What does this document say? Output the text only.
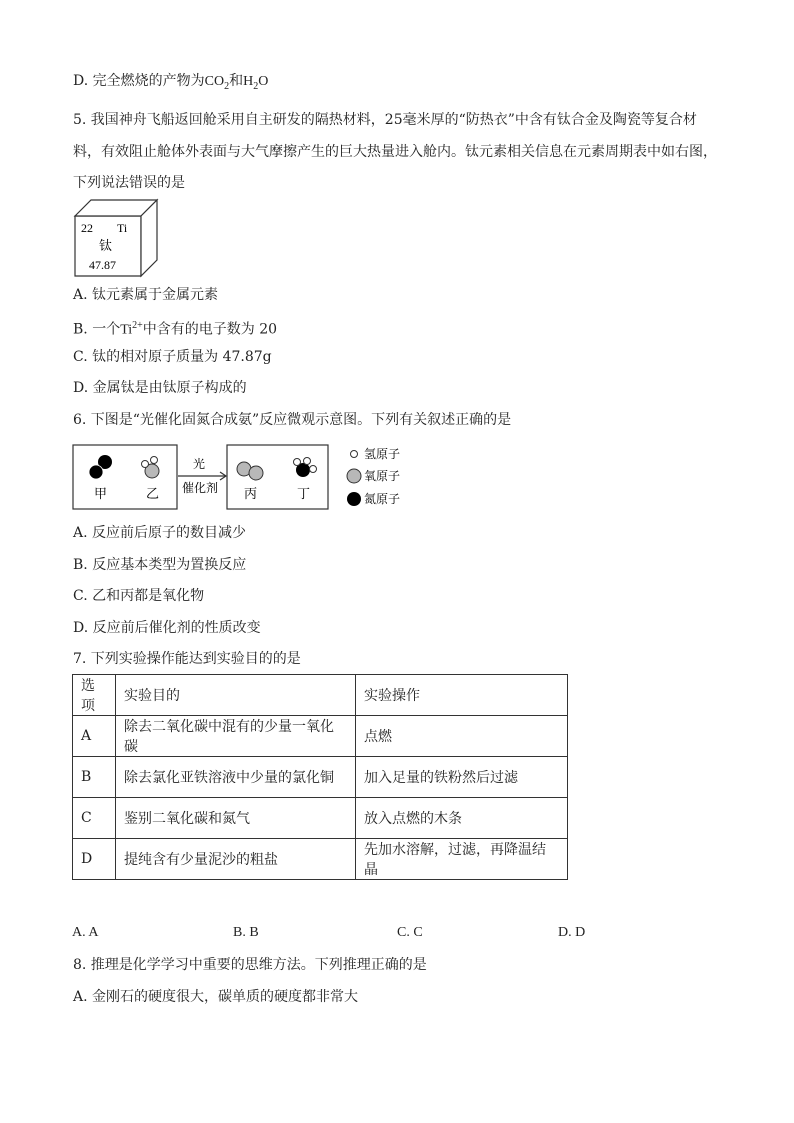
D. 完全燃烧的产物为$CO_2$和$H_2O$
5. 我国神舟飞船返回舱采用自主研发的隔热材料，25毫米厚的“防热衣”中含有钛合金及陶瓷等复合材
料，有效阻止舱体外表面与大气摩擦产生的巨大热量进入舱内。钛元素相关信息在元素周期表中如右图，
下列说法错误的是
22 Ti
钛
47.87
A. 钛元素属于金属元素
B. 一个$Ti^{2+}$中含有的电子数为 20
C. 钛的相对原子质量为 47.87g
D. 金属钛是由钛原子构成的
6. 下图是“光催化固氮合成氨”反应微观示意图。下列有关叙述正确的是
甲	乙
光
催化剂 丙	丁
氢原子
氧原子
氮原子
A. 反应前后原子的数目减少
B. 反应基本类型为置换反应
C. 乙和丙都是氧化物
D. 反应前后催化剂的性质改变
7. 下列实验操作能达到实验目的的是
选项	实验目的	实验操作
A	除去二氧化碳中混有的少量一氧化碳	点燃
B	除去氯化亚铁溶液中少量的氯化铜	加入足量的铁粉然后过滤
C	鉴别二氧化碳和氮气	放入点燃的木条
D	提纯含有少量泥沙的粗盐	先加水溶解，过滤，再降温结晶
A. A	B. B	C. C	D. D
8. 推理是化学学习中重要的思维方法。下列推理正确的是
A. 金刚石的硬度很大，碳单质的硬度都非常大
